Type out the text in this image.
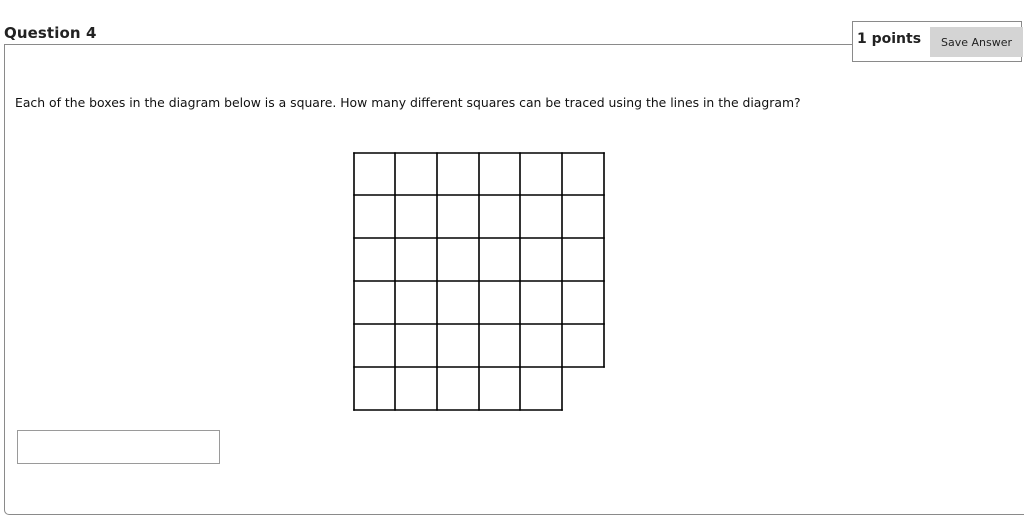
Question 4	1 points	Save Answer
Each of the boxes in the diagram below is a square. How many different squares can be traced using the lines in the diagram?
